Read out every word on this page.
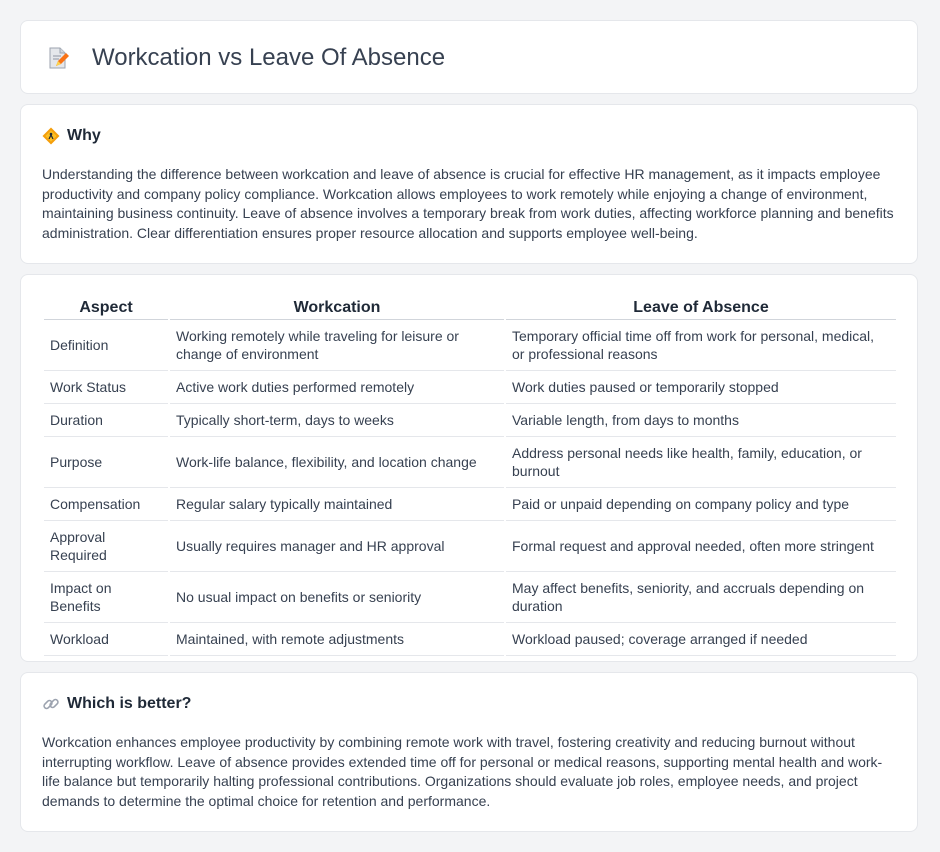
Workcation vs Leave Of Absence
Why

Understanding the difference between workcation and leave of absence is crucial for effective HR management, as it impacts employee productivity and company policy compliance. Workcation allows employees to work remotely while enjoying a change of environment, maintaining business continuity. Leave of absence involves a temporary break from work duties, affecting workforce planning and benefits administration. Clear differentiation ensures proper resource allocation and supports employee well-being.

Aspect	Workcation	Leave of Absence
Definition	Working remotely while traveling for leisure or change of environment	Temporary official time off from work for personal, medical, or professional reasons
Work Status	Active work duties performed remotely	Work duties paused or temporarily stopped
Duration	Typically short-term, days to weeks	Variable length, from days to months
Purpose	Work-life balance, flexibility, and location change	Address personal needs like health, family, education, or burnout
Compensation	Regular salary typically maintained	Paid or unpaid depending on company policy and type
Approval Required	Usually requires manager and HR approval	Formal request and approval needed, often more stringent
Impact on Benefits	No usual impact on benefits or seniority	May affect benefits, seniority, and accruals depending on duration
Workload	Maintained, with remote adjustments	Workload paused; coverage arranged if needed
Which is better?

Workcation enhances employee productivity by combining remote work with travel, fostering creativity and reducing burnout without interrupting workflow. Leave of absence provides extended time off for personal or medical reasons, supporting mental health and work-life balance but temporarily halting professional contributions. Organizations should evaluate job roles, employee needs, and project demands to determine the optimal choice for retention and performance.
